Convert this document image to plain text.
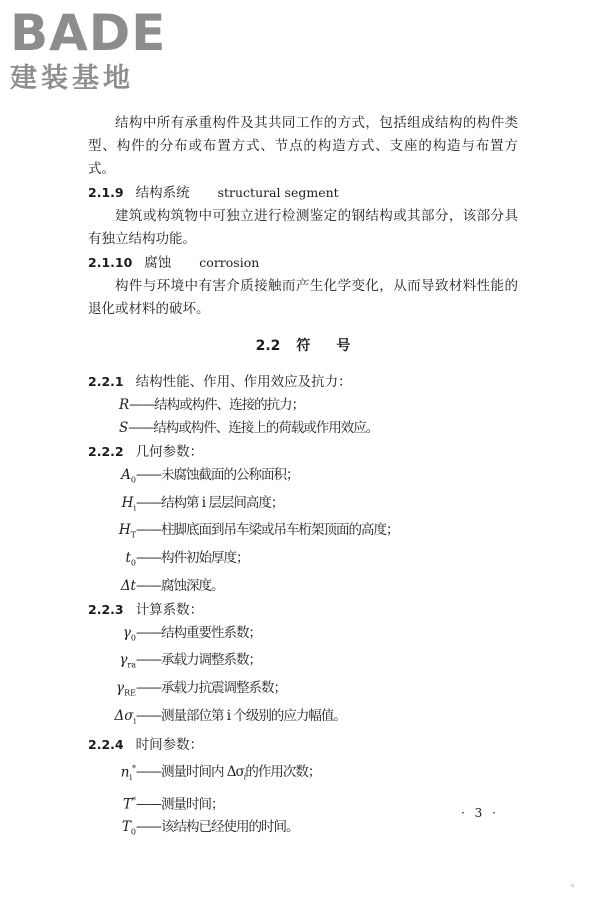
BADE
建装基地

结构中所有承重构件及其共同工作的方式，包括组成结构的构件类型、构件的分布或布置方式、节点的构造方式、支座的构造与布置方式。

2.1.9 结构系统 structural segment

建筑或构筑物中可独立进行检测鉴定的钢结构或其部分，该部分具有独立结构功能。

2.1.10 腐蚀 corrosion

构件与环境中有害介质接触而产生化学变化，从而导致材料性能的退化或材料的破坏。

2.2 符 号

2.2.1 结构性能、作用、作用效应及抗力：

R——结构或构件、连接的抗力；

S——结构或构件、连接上的荷载或作用效应。

2.2.2 几何参数：

$A_0——$未腐蚀截面的公称面积；

$H_i——$结构第 i 层层间高度；

$H_T——$柱脚底面到吊车梁或吊车桁架顶面的高度；

$t_0——$构件初始厚度；

Δt——腐蚀深度。

2.2.3 计算系数：

$\gamma_0——$结构重要性系数；

$\gamma_{ra}——$承载力调整系数；

$\gamma_{RE}——$承载力抗震调整系数；

$\Delta\sigma_i——$测量部位第 i 个级别的应力幅值。

2.2.4 时间参数：

$n_i^*——$测量时间内 $\Delta\sigma_i$的作用次数；

T*——测量时间；

$T_0——$该结构已经使用的时间。

· 3 ·
